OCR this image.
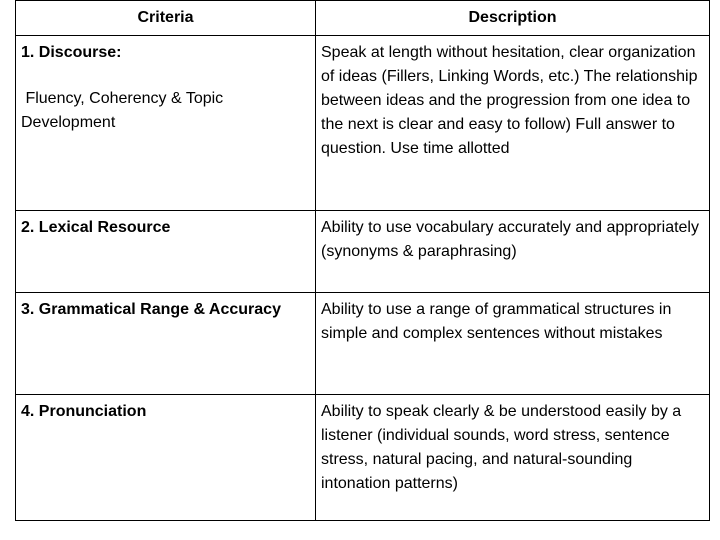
Criteria	Description

1. Discourse:
Fluency, Coherency & Topic Development	Speak at length without hesitation, clear organization of ideas (Fillers, Linking Words, etc.) The relationship between ideas and the progression from one idea to the next is clear and easy to follow) Full answer to question. Use time allotted

2. Lexical Resource	Ability to use vocabulary accurately and appropriately (synonyms & paraphrasing)

3. Grammatical Range & Accuracy	Ability to use a range of grammatical structures in simple and complex sentences without mistakes

4. Pronunciation	Ability to speak clearly & be understood easily by a listener (individual sounds, word stress, sentence stress, natural pacing, and natural-sounding intonation patterns)
